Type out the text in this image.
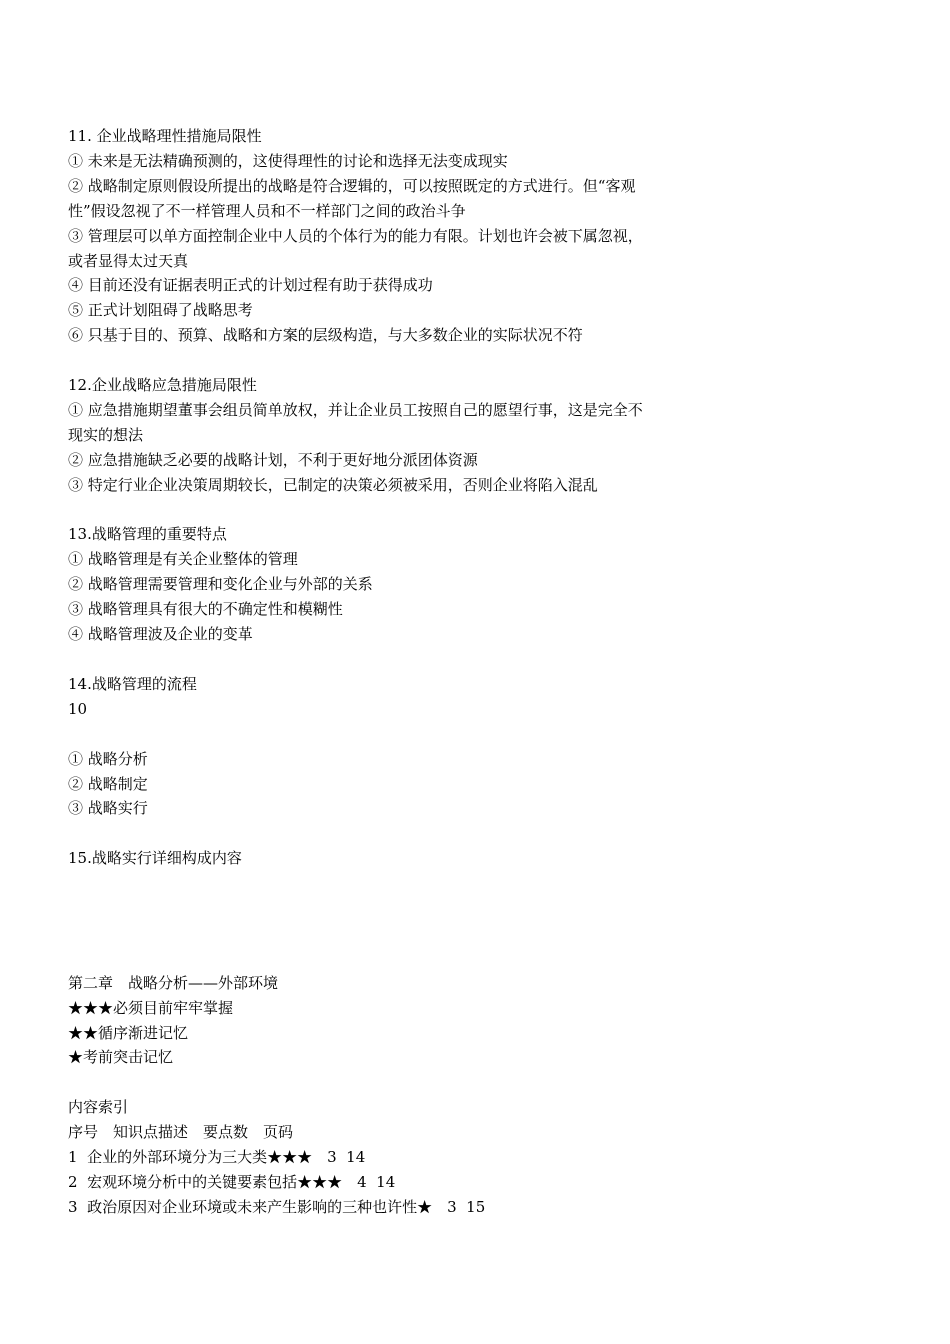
11. 企业战略理性措施局限性
① 未来是无法精确预测的，这使得理性的讨论和选择无法变成现实
② 战略制定原则假设所提出的战略是符合逻辑的，可以按照既定的方式进行。但“客观
性”假设忽视了不一样管理人员和不一样部门之间的政治斗争
③ 管理层可以单方面控制企业中人员的个体行为的能力有限。计划也许会被下属忽视，
或者显得太过天真
④ 目前还没有证据表明正式的计划过程有助于获得成功
⑤ 正式计划阻碍了战略思考
⑥ 只基于目的、预算、战略和方案的层级构造，与大多数企业的实际状况不符
12.企业战略应急措施局限性
① 应急措施期望董事会组员简单放权，并让企业员工按照自己的愿望行事，这是完全不
现实的想法
② 应急措施缺乏必要的战略计划，不利于更好地分派团体资源
③ 特定行业企业决策周期较长，已制定的决策必须被采用，否则企业将陷入混乱
13.战略管理的重要特点
① 战略管理是有关企业整体的管理
② 战略管理需要管理和变化企业与外部的关系
③ 战略管理具有很大的不确定性和模糊性
④ 战略管理波及企业的变革
14.战略管理的流程
10
① 战略分析
② 战略制定
③ 战略实行
15.战略实行详细构成内容
第二章　战略分析——外部环境
★★★必须目前牢牢掌握
★★循序渐进记忆
★考前突击记忆
内容索引
序号　知识点描述　要点数　页码
1  企业的外部环境分为三大类★★★　3  14
2  宏观环境分析中的关键要素包括★★★　4  14
3  政治原因对企业环境或未来产生影响的三种也许性★　3  15
